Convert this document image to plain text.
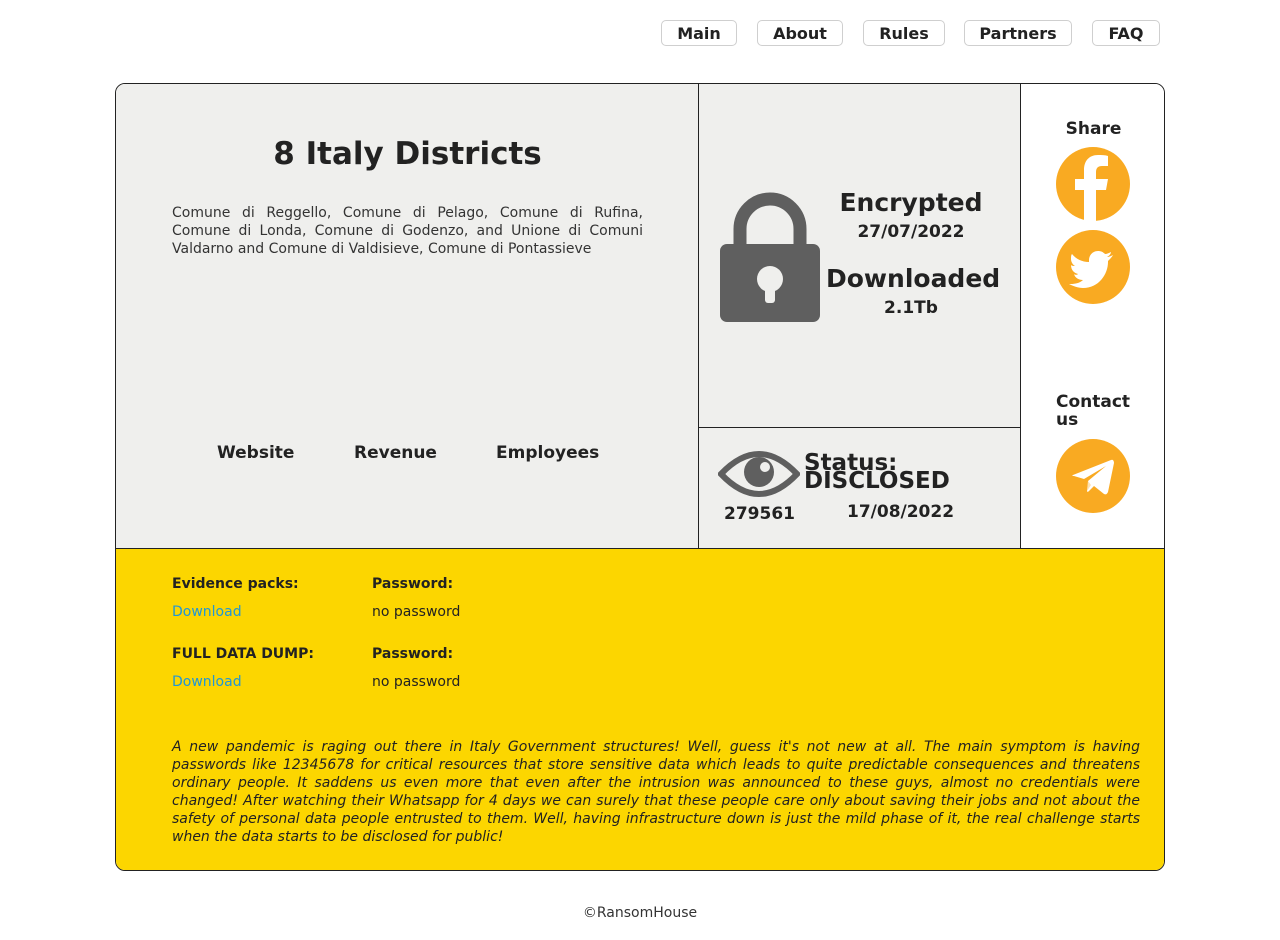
Main	About	Rules	Partners	FAQ
8 Italy Districts
Comune di Reggello, Comune di Pelago, Comune di Rufina, Comune di Londa, Comune di Godenzo, and Unione di Comuni Valdarno and Comune di Valdisieve, Comune di Pontassieve
Website	Revenue	Employees
Encrypted
27/07/2022
Downloaded
2.1Tb
279561
Status: DISCLOSED
17/08/2022
Share
Contact us
Evidence packs:
Download
Password:
no password
FULL DATA DUMP:
Download
Password:
no password
A new pandemic is raging out there in Italy Government structures! Well, guess it's not new at all. The main symptom is having passwords like 12345678 for critical resources that store sensitive data which leads to quite predictable consequences and threatens ordinary people. It saddens us even more that even after the intrusion was announced to these guys, almost no credentials were changed! After watching their Whatsapp for 4 days we can surely that these people care only about saving their jobs and not about the safety of personal data people entrusted to them. Well, having infrastructure down is just the mild phase of it, the real challenge starts when the data starts to be disclosed for public!
©RansomHouse
